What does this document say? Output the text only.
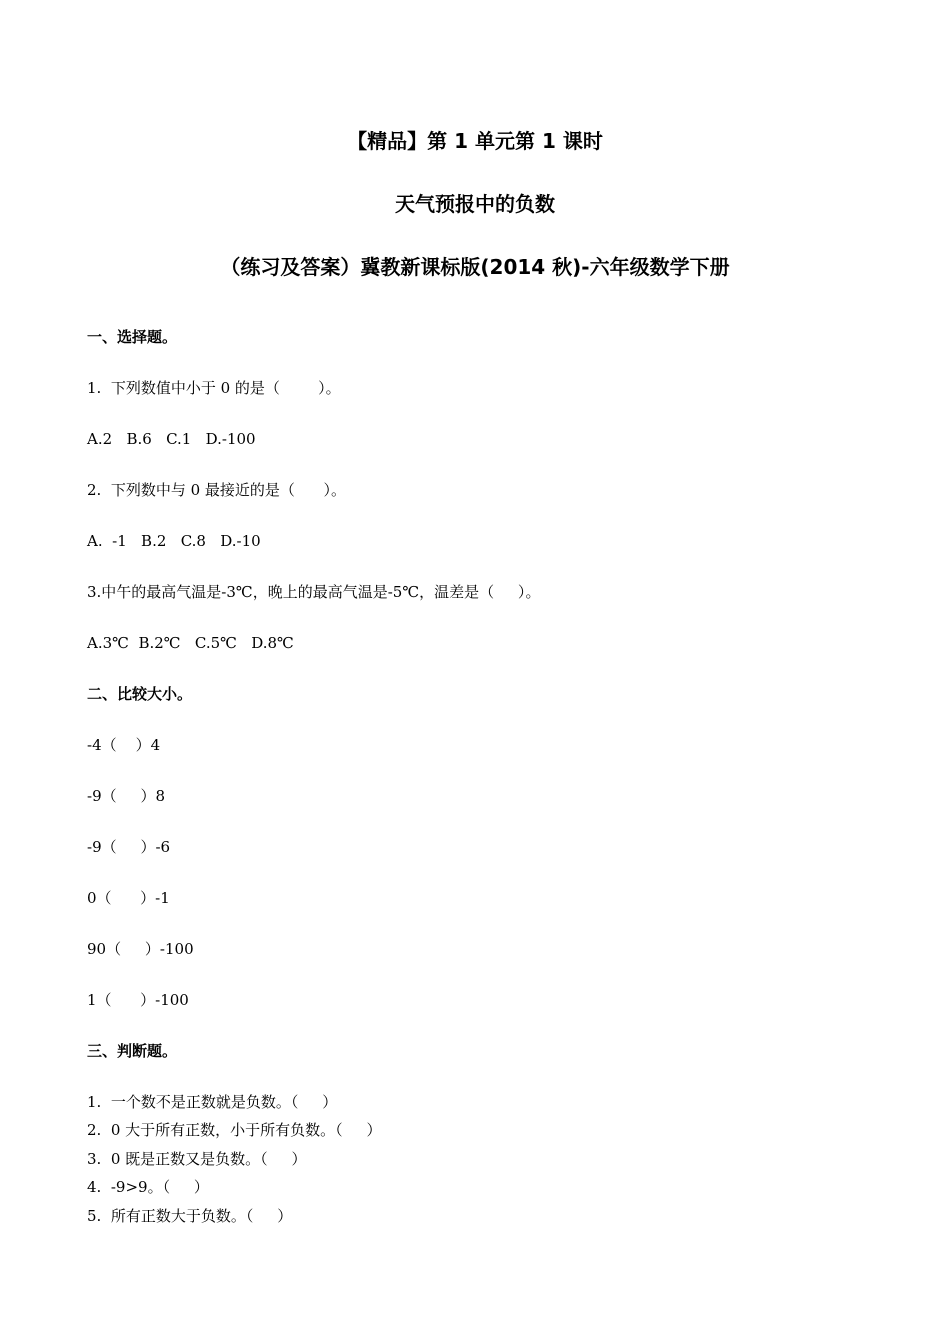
【精品】第 1 单元第 1 课时
天气预报中的负数
（练习及答案）冀教新课标版(2014 秋)-六年级数学下册
一、选择题。
1.  下列数值中小于 0 的是（        ）。
A.2   B.6   C.1   D.-100
2.  下列数中与 0 最接近的是（      ）。
A.  -1   B.2   C.8   D.-10
3.中午的最高气温是-3℃，晚上的最高气温是-5℃，温差是（     ）。
A.3℃  B.2℃   C.5℃   D.8℃
二、比较大小。
-4（    ）4
-9（     ）8
-9（     ）-6
0（      ）-1
90（     ）-100
1（      ）-100
三、判断题。
1.  一个数不是正数就是负数。（     ）
2.  0 大于所有正数，小于所有负数。（     ）
3.  0 既是正数又是负数。（     ）
4.  -9>9。（     ）
5.  所有正数大于负数。（     ）
